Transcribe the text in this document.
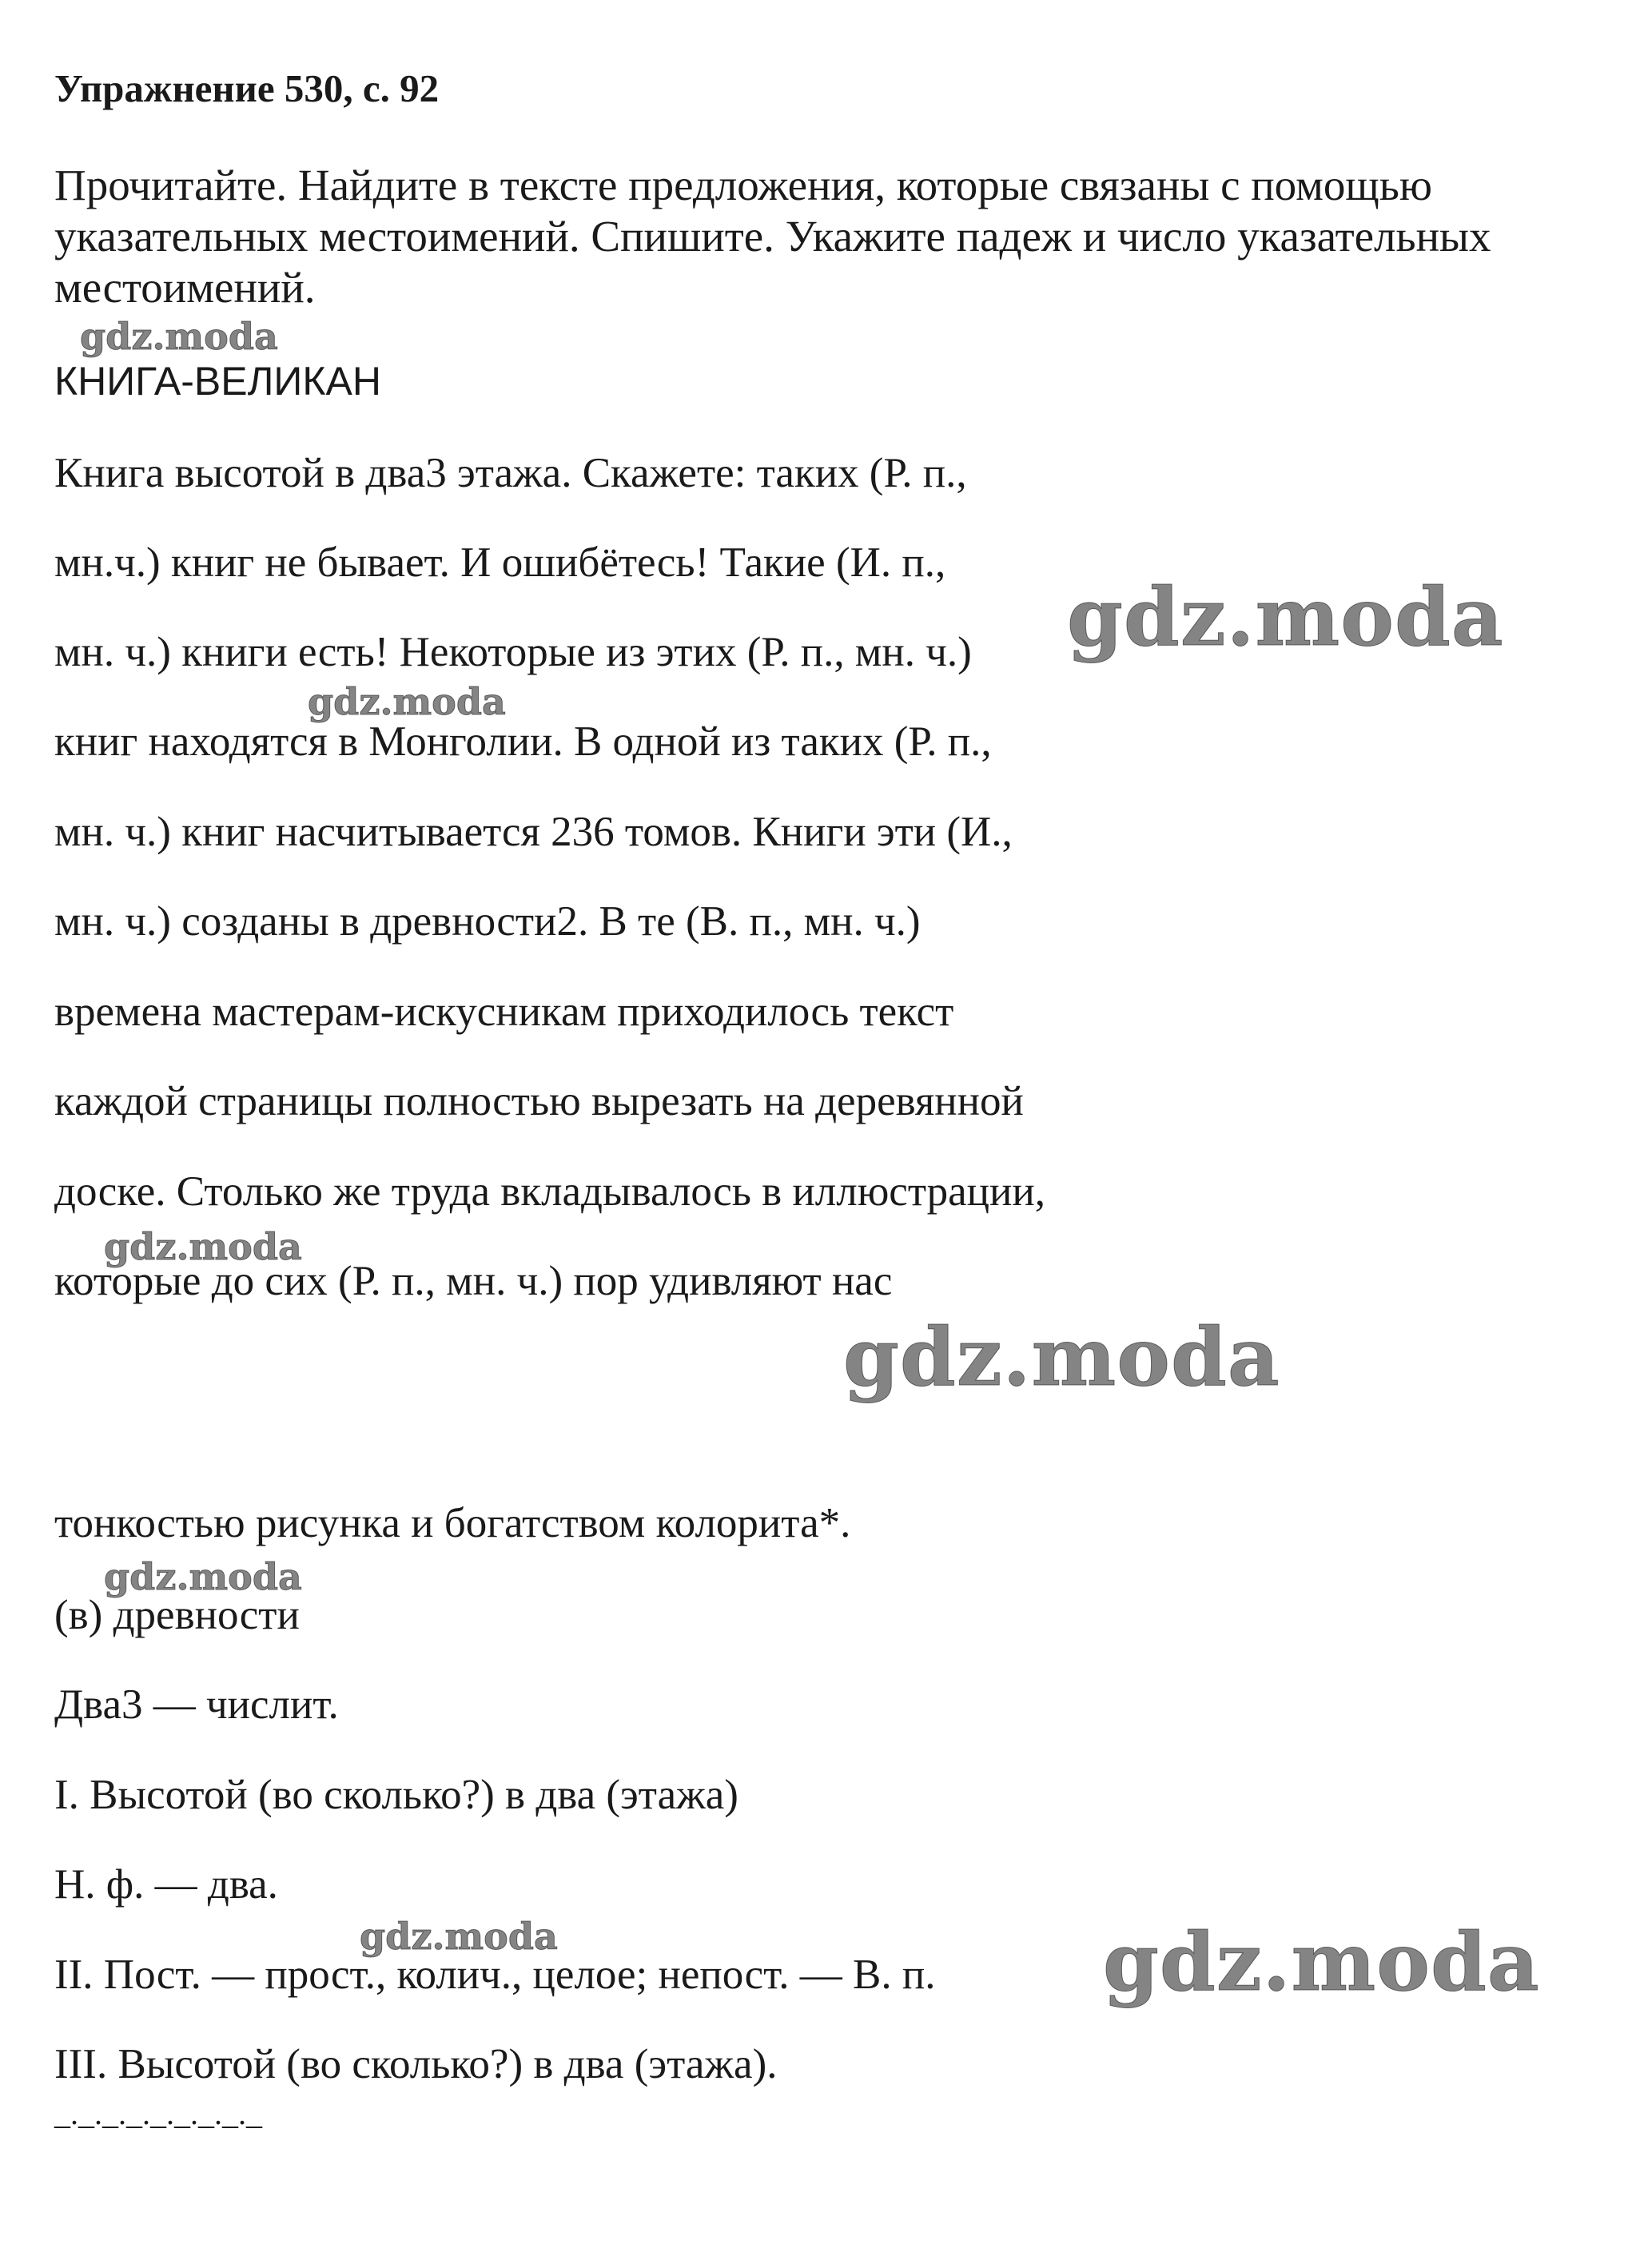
Упражнение 530, с. 92

Прочитайте. Найдите в тексте предложения, которые связаны с помощью указательных местоимений. Спишите. Укажите падеж и число указательных местоимений.

КНИГА-ВЕЛИКАН
Книга высотой в два3 этажа. Скажете: таких (Р. п.,
мн.ч.) книг не бывает. И ошибётесь! Такие (И. п.,
мн. ч.) книги есть! Некоторые из этих (Р. п., мн. ч.)
книг находятся в Монголии. В одной из таких (Р. п.,
мн. ч.) книг насчитывается 236 томов. Книги эти (И.,
мн. ч.) созданы в древности2. В те (В. п., мн. ч.)
времена мастерам-искусникам приходилось текст
каждой страницы полностью вырезать на деревянной
доске. Столько же труда вкладывалось в иллюстрации,
которые до сих (Р. п., мн. ч.) пор удивляют нас
тонкостью рисунка и богатством колорита*.
(в) древности
Два3 — числит.
I. Высотой (во сколько?) в два (этажа)
Н. ф. — два.
II. Пост. — прост., колич., целое; непост. — В. п.
III. Высотой (во сколько?) в два (этажа).
_._._._._._._._._
gdz.moda
gdz.moda
gdz.moda
gdz.moda
gdz.moda
gdz.moda
gdz.moda	gdz.moda
